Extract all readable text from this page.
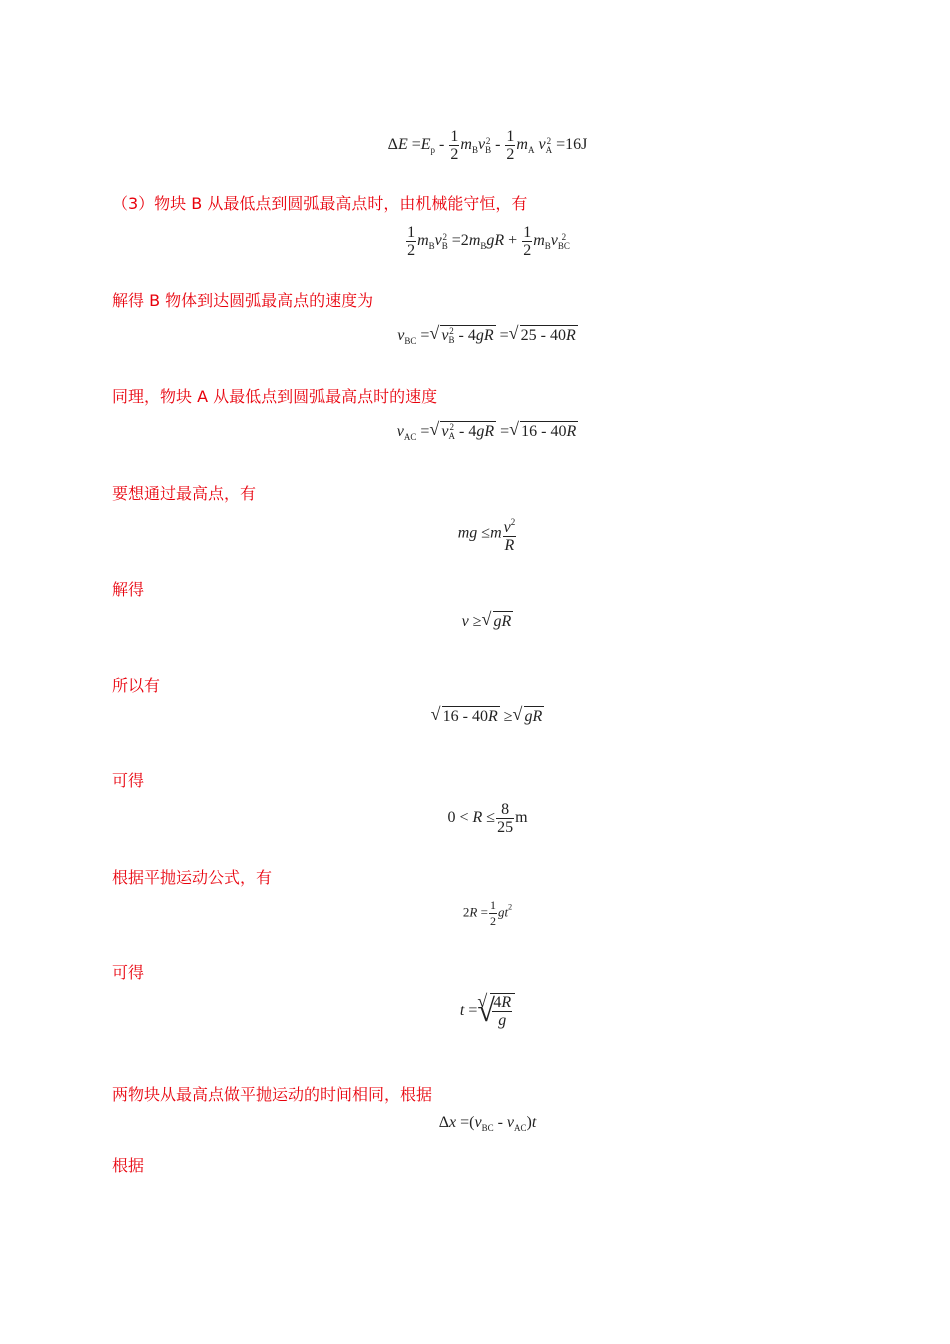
$\Delta E =E_p - \frac{1}{2} m_Bv$ 2
B - $\frac{1}{2} m_A$ v 2
A =16J
（3）物块 B 从最低点到圆弧最高点时，由机械能守恒，有
$\frac{1}{2} m_Bv$ 2
$B =2m_BgR + \frac{1}{2} m_Bv$ 2
BC
解得 B 物体到达圆弧最高点的速度为
$v_{BC}$ = √ v 2
B - 4gR = √ 25 - 40R
同理，物块 A 从最低点到圆弧最高点时的速度
$v_{AC}$ = √ v 2
A - 4gR = √ 16 - 40R
要想通过最高点，有
mg $\le m \frac{v^2}{R}$
解得
v ≥ √ gR
所以有
√ 16 - 40R ≥ √ gR
可得
$0 < R \le \frac{8}{25}$ m
根据平抛运动公式，有
$2R = \frac{1}{2} gt^2$
可得
t = √ √
$\frac{4R}{g}$
两物块从最高点做平抛运动的时间相同，根据
$\Delta x =(v_{BC} - v_{AC})t$
根据
